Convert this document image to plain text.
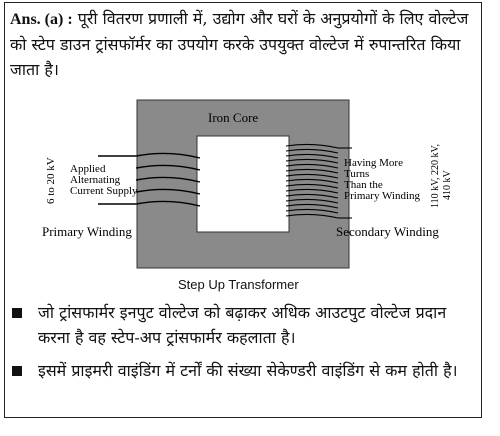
Ans. (a) : पूरी वितरण प्रणाली में, उद्योग और घरों के अनुप्रयोगों के लिए वोल्टेज को स्टेप डाउन ट्रांसफॉर्मर का उपयोग करके उपयुक्त वोल्टेज में रुपान्तरित किया जाता है।
Iron Core
6 to 20 kV Applied
Alternating
Current Supply
Having More
Turns
Than the
Primary Winding 110 kV, 220 kV, 410 kV
Primary Winding	Secondary Winding
Step Up Transformer
जो ट्रांसफार्मर इनपुट वोल्टेज को बढ़ाकर अधिक आउटपुट वोल्टेज प्रदान करना है वह स्टेप-अप ट्रांसफार्मर कहलाता है।
इसमें प्राइमरी वाइंडिंग में टर्नों की संख्या सेकेण्डरी वाइंडिंग से कम होती है।
